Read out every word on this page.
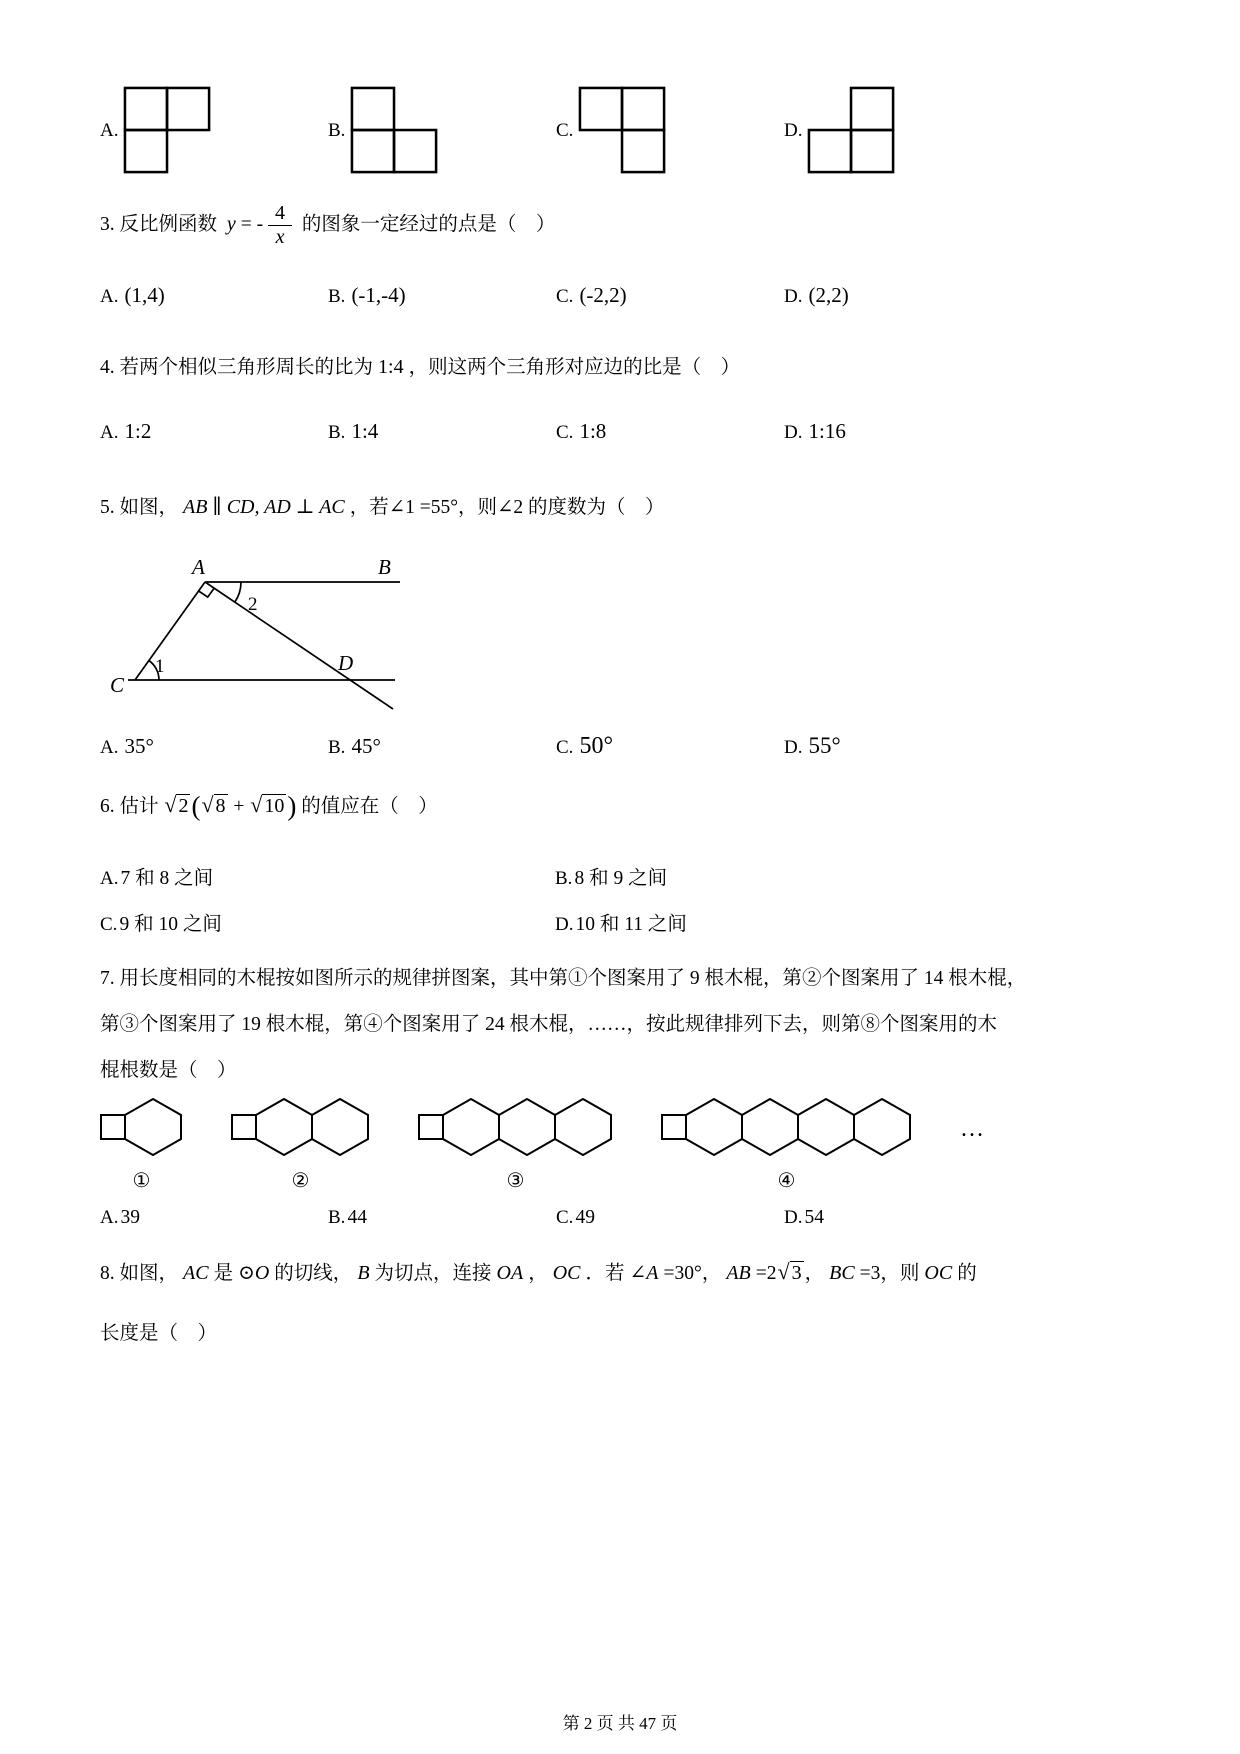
A.	B.	C.	D.

3. 反比例函数 y = - $\frac{4}{x}$ 的图象一定经过的点是（　）

A. (1,4)	B. (-1,-4)	C. (-2,2)	D. (2,2)

4. 若两个相似三角形周长的比为 1:4 ，则这两个三角形对应边的比是（　）

A. 1:2	B. 1:4	C. 1:8	D. 1:16

5. 如图， AB ∥ CD, AD ⊥ AC ，若∠1 =55°，则∠2 的度数为（　）

A	B
C
D
2
1
A. 35°	B. 45°	C. 50°	D. 55°

6. 估计 √ 2 (√ 8 + √ 10 ) 的值应在（　）

A. 7 和 8 之间	B. 8 和 9 之间
C. 9 和 10 之间	D. 10 和 11 之间

7. 用长度相同的木棍按如图所示的规律拼图案，其中第①个图案用了 9 根木棍，第②个图案用了 14 根木棍，

第③个图案用了 19 根木棍，第④个图案用了 24 根木棍，……，按此规律排列下去，则第⑧个图案用的木

棍根数是（　）

①	②	③	④
…
A. 39	B. 44	C. 49	D. 54

8. 如图， AC 是 ⊙O 的切线， B 为切点，连接 OA ， OC ．若 ∠A =30°， AB =2√ 3 ， BC =3，则 OC 的

长度是（　）

第 2 页 共 47 页
